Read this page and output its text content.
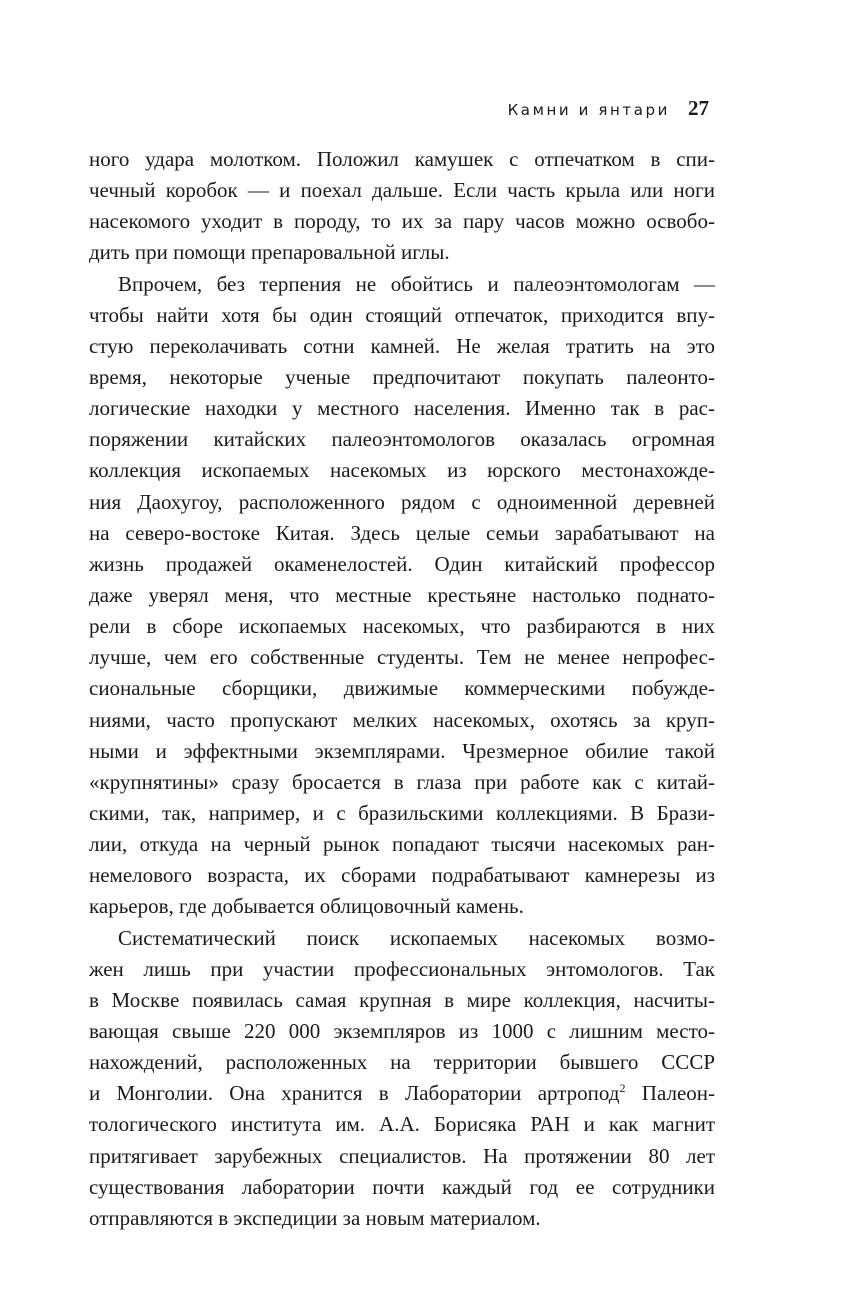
Камни и янтари 27

ного удара молотком. Положил камушек с отпечатком в спи-
чечный коробок — и поехал дальше. Если часть крыла или ноги
насекомого уходит в породу, то их за пару часов можно освобо-
дить при помощи препаровальной иглы.

Впрочем, без терпения не обойтись и палеоэнтомологам —
чтобы найти хотя бы один стоящий отпечаток, приходится впу-
стую переколачивать сотни камней. Не желая тратить на это
время, некоторые ученые предпочитают покупать палеонто-
логические находки у местного населения. Именно так в рас-
поряжении китайских палеоэнтомологов оказалась огромная
коллекция ископаемых насекомых из юрского местонахожде-
ния Даохугоу, расположенного рядом с одноименной деревней
на северо-востоке Китая. Здесь целые семьи зарабатывают на
жизнь продажей окаменелостей. Один китайский профессор
даже уверял меня, что местные крестьяне настолько поднато-
рели в сборе ископаемых насекомых, что разбираются в них
лучше, чем его собственные студенты. Тем не менее непрофес-
сиональные сборщики, движимые коммерческими побужде-
ниями, часто пропускают мелких насекомых, охотясь за круп-
ными и эффектными экземплярами. Чрезмерное обилие такой
«крупнятины» сразу бросается в глаза при работе как с китай-
скими, так, например, и с бразильскими коллекциями. В Брази-
лии, откуда на черный рынок попадают тысячи насекомых ран-
немелового возраста, их сборами подрабатывают камнерезы из
карьеров, где добывается облицовочный камень.

Систематический поиск ископаемых насекомых возмо-
жен лишь при участии профессиональных энтомологов. Так
в Москве появилась самая крупная в мире коллекция, насчиты-
вающая свыше 220 000 экземпляров из 1000 с лишним место-
нахождений, расположенных на территории бывшего СССР
и Монголии. Она хранится в Лаборатории артропод$^2$ Палеон-
тологического института им. А.А. Борисяка РАН и как магнит
притягивает зарубежных специалистов. На протяжении 80 лет
существования лаборатории почти каждый год ее сотрудники
отправляются в экспедиции за новым материалом.
